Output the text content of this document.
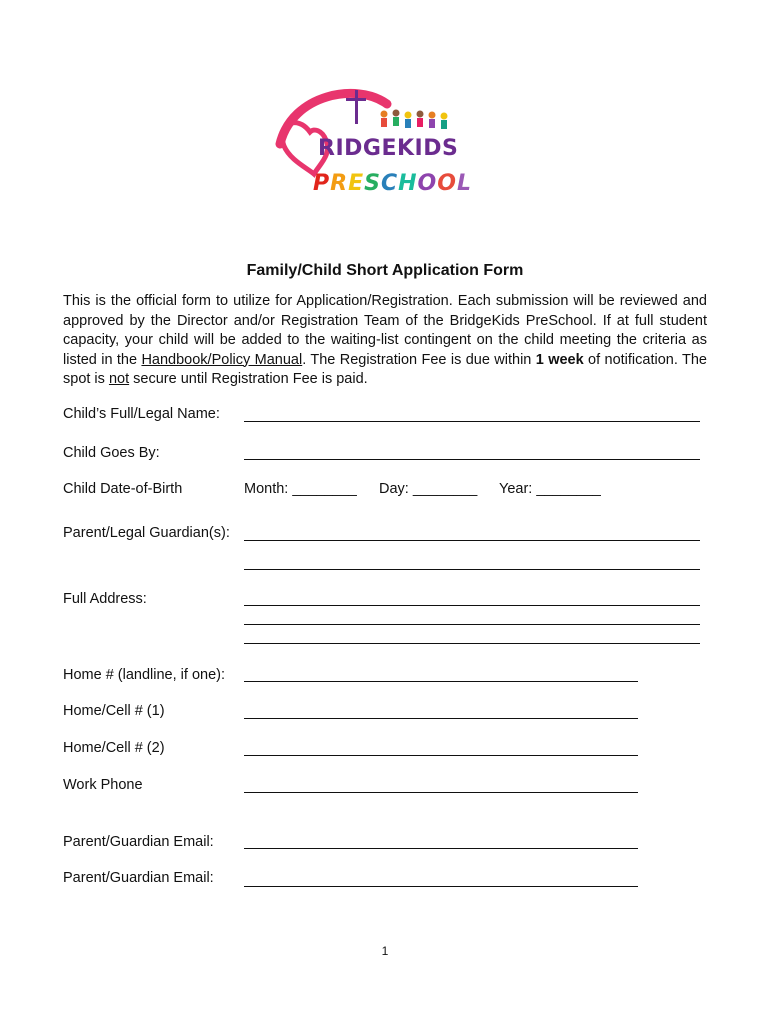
RIDGEKIDS
PRESCHOOL
Family/Child Short Application Form
This is the official form to utilize for Application/Registration. Each submission will be reviewed and approved by the Director and/or Registration Team of the BridgeKids PreSchool. If at full student capacity, your child will be added to the waiting-list contingent on the child meeting the criteria as listed in the Handbook/Policy Manual. The Registration Fee is due within 1 week of notification. The spot is not secure until Registration Fee is paid.
Child’s Full/Legal Name:
Child Goes By:
Child Date-of-Birth	Month: ________ Day: ________ Year: ________
Parent/Legal Guardian(s):
Full Address:
Home # (landline, if one):
Home/Cell # (1)
Home/Cell # (2)
Work Phone
Parent/Guardian Email:
Parent/Guardian Email:
1
